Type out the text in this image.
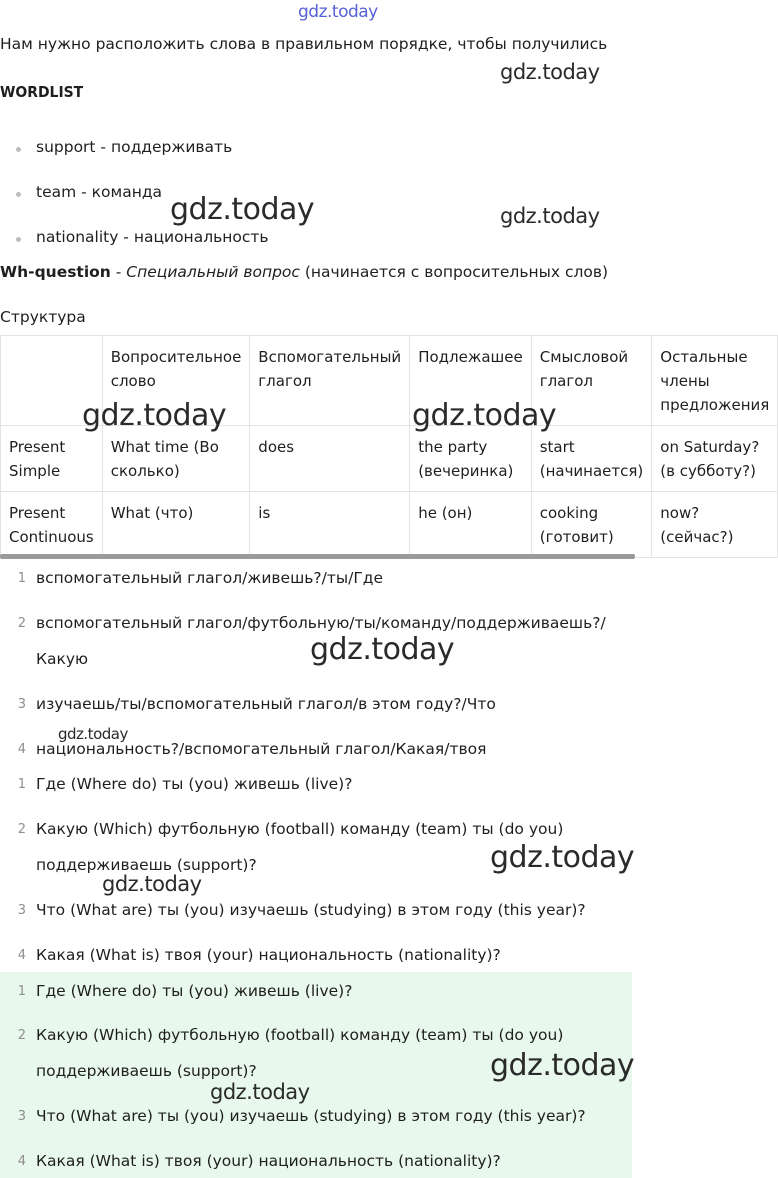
gdz.today
gdz.today
gdz.today	gdz.today
gdz.today	gdz.today
gdz.today
gdz.today
gdz.today
gdz.today
gdz.today
gdz.today
Нам нужно расположить слова в правильном порядке, чтобы получились
WORDLIST
support - поддерживать
team - команда
nationality - национальность
Wh-question - Специальный вопрос (начинается с вопросительных слов)
Структура
	Вопросительное слово	Вспомогательный глагол	Подлежашее	Смысловой глагол	Остальные члены предложения
Present Simple	What time (Во сколько)	does	the party (вечеринка)	start (начинается)	on Saturday? (в субботу?)
Present Continuous	What (что)	is	he (он)	cooking (готовит)	now? (сейчас?)
1 вспомогательный глагол/живешь?/ты/Где
2 вспомогательный глагол/футбольную/ты/команду/поддерживаешь?/
Какую
3 изучаешь/ты/вспомогательный глагол/в этом году?/Что
4 национальность?/вспомогательный глагол/Какая/твоя
1 Где (Where do) ты (you) живешь (live)?
2 Какую (Which) футбольную (football) команду (team) ты (do you)
поддерживаешь (support)?
3 Что (What are) ты (you) изучаешь (studying) в этом году (this year)?
4 Какая (What is) твоя (your) национальность (nationality)?
1 Где (Where do) ты (you) живешь (live)?
2 Какую (Which) футбольную (football) команду (team) ты (do you)
поддерживаешь (support)?
3 Что (What are) ты (you) изучаешь (studying) в этом году (this year)?
4 Какая (What is) твоя (your) национальность (nationality)?
